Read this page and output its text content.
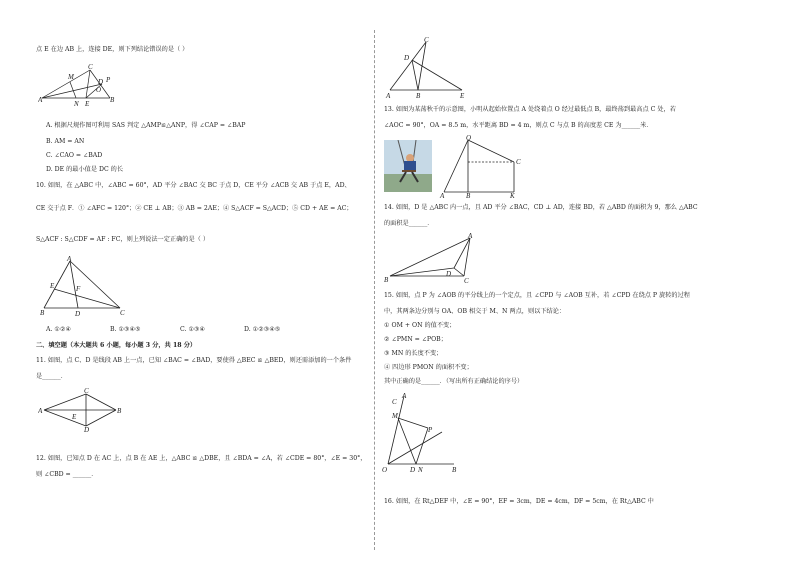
点 E 在边 AB 上，连接 DE，则下列结论错误的是（ ）
A	B
C
D P
M
N E
O
A. 根据尺规作图可利用 SAS 判定 △AMP≌△ANP，得 ∠CAP = ∠BAP
B. AM = AN
C. ∠CAO = ∠BAD
D. DE 的最小值是 DC 的长
10. 如图，在 △ABC 中，∠ABC = 60°，AD 平分 ∠BAC 交 BC 于点 D，CE 平分 ∠ACB 交 AB 于点 E，AD、
CE 交于点 F．① ∠AFC = 120°；② CE ⊥ AB；③ AB = 2AE；④ S△ACF = S△ACD；⑤ CD + AE = AC；
S△ACF : S△CDF = AF : FC，则上列说法一定正确的是（ ）
A
B	C
D
E	F
A. ①②④	B. ①③④⑤	C. ①③④	D. ①②③④⑤
二、填空题（本大题共 6 小题，每小题 3 分，共 18 分）
11. 如图，点 C、D 是线段 AB 上一点，已知 ∠BAC = ∠BAD，要使得 △BEC ≌ △BED，则还需添加的一个条件
是______．
A	B
C
D
E
12. 如图，已知点 D 在 AC 上，点 B 在 AE 上，△ABC ≌ △DBE，且 ∠BDA = ∠A，若 ∠CDE = 80°，∠E = 30°，
则 ∠CBD = ______．
C
D
A	B	E
13. 如图为某荡秋千的示意图，小明从起始位置点 A 处绕着点 O 经过最低点 B，最终荡到最高点 C 处，若
∠AOC = 90°，OA = 8.5 m，水平距离 BD = 4 m，则点 C 与点 B 的高度差 CE 为______米．
O
A	B	K
C
14. 如图，D 是 △ABC 内一点，且 AD 平分 ∠BAC，CD ⊥ AD，连接 BD，若 △ABD 的面积为 9，那么 △ABC
的面积是______．
A
B	C
D
15. 如图，点 P 为 ∠AOB 的平分线上的一个定点，且 ∠CPD 与 ∠AOB 互补，若 ∠CPD 在绕点 P 旋转的过程
中，其两条边分别与 OA、OB 相交于 M、N 两点，则以下结论：
① OM + ON 的值不变；
② ∠PMN = ∠POB；
③ MN 的长度不变；
④ 四边形 PMON 的面积不变；
其中正确的是______．（写出所有正确结论的序号）
C
A
M
P
O	D N	B
16. 如图，在 Rt△DEF 中，∠E = 90°，EF = 3cm，DE = 4cm，DF = 5cm，在 Rt△ABC 中
